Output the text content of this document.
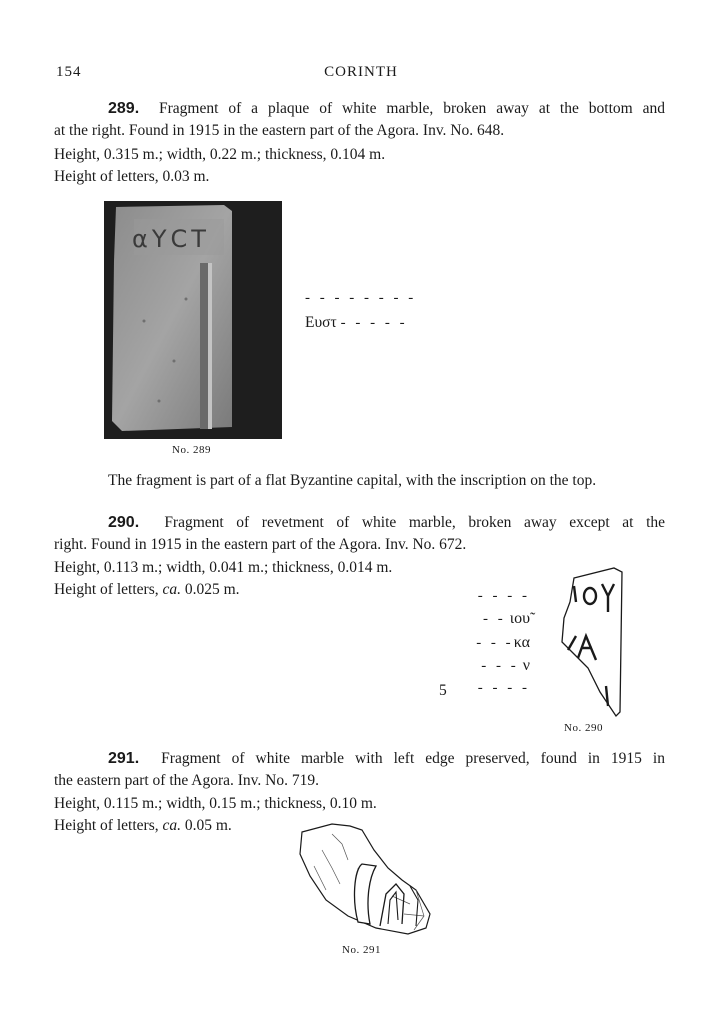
154	CORINTH
289. Fragment of a plaque of white marble, broken away at the bottom and
at the right. Found in 1915 in the eastern part of the Agora. Inv. No. 648.
Height, 0.315 m.; width, 0.22 m.; thickness, 0.104 m.
Height of letters, 0.03 m.
αΥCΤ
No. 289
- - - - - - - -
Ευστ - - - - -
The fragment is part of a flat Byzantine capital, with the inscription on the top.
290. Fragment of revetment of white marble, broken away except at the
right. Found in 1915 in the eastern part of the Agora. Inv. No. 672.
Height, 0.113 m.; width, 0.041 m.; thickness, 0.014 m.
Height of letters, ca. 0.025 m.	- - - -
- - ιου̃
- - -κα
- - - ν
5	- - - -
No. 290
291. Fragment of white marble with left edge preserved, found in 1915 in
the eastern part of the Agora. Inv. No. 719.
Height, 0.115 m.; width, 0.15 m.; thickness, 0.10 m.
Height of letters, ca. 0.05 m.
No. 291
